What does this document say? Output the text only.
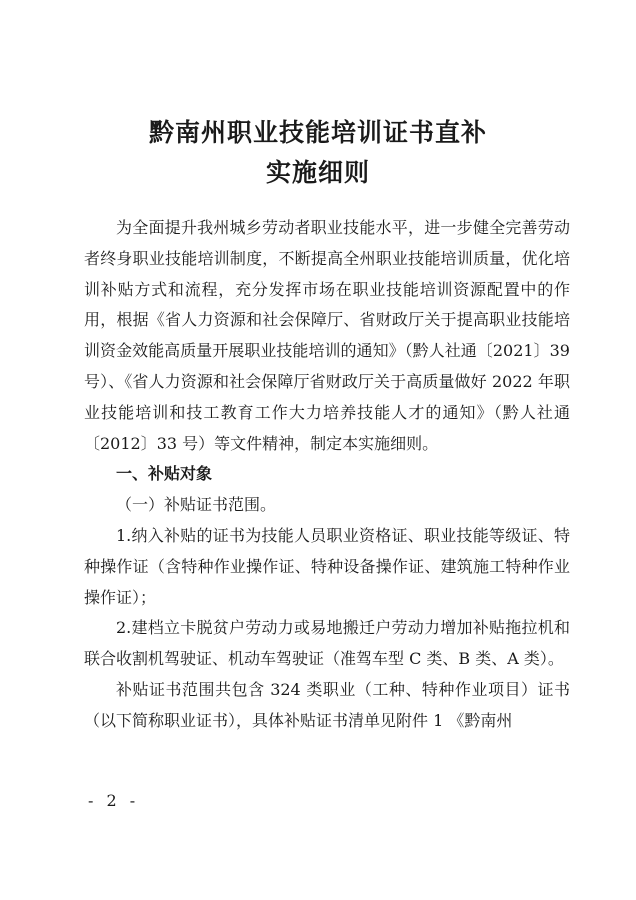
黔南州职业技能培训证书直补
实施细则

为全面提升我州城乡劳动者职业技能水平，进一步健全完善劳动者终身职业技能培训制度，不断提高全州职业技能培训质量，优化培训补贴方式和流程，充分发挥市场在职业技能培训资源配置中的作用，根据《省人力资源和社会保障厅、省财政厅关于提高职业技能培训资金效能高质量开展职业技能培训的通知》（黔人社通〔2021〕39 号）、《省人力资源和社会保障厅省财政厅关于高质量做好 2022 年职业技能培训和技工教育工作大力培养技能人才的通知》（黔人社通〔2012〕33 号）等文件精神，制定本实施细则。

一、补贴对象

（一）补贴证书范围。

1.纳入补贴的证书为技能人员职业资格证、职业技能等级证、特种操作证（含特种作业操作证、特种设备操作证、建筑施工特种作业操作证）；

2.建档立卡脱贫户劳动力或易地搬迁户劳动力增加补贴拖拉机和联合收割机驾驶证、机动车驾驶证（准驾车型 C 类、B 类、A 类）。

补贴证书范围共包含 324 类职业（工种、特种作业项目）证书（以下简称职业证书），具体补贴证书清单见附件 1 《黔南州

- 2 -
